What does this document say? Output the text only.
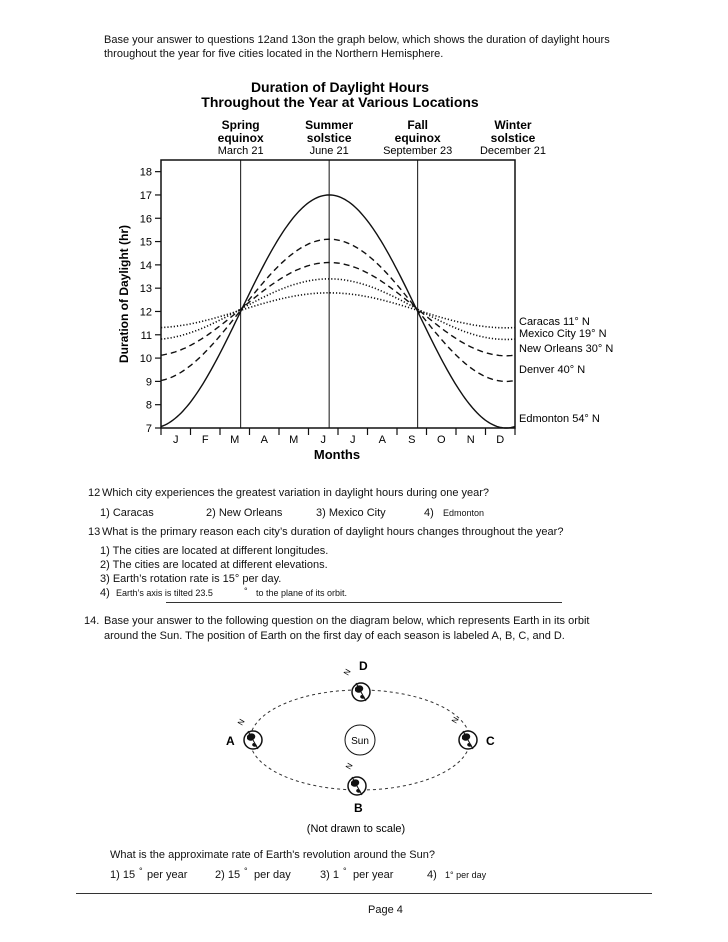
Base your answer to questions 12and 13on the graph below, which shows the duration of daylight hours
throughout the year for five cities located in the Northern Hemisphere.
Duration of Daylight Hours
Throughout the Year at Various Locations
Spring
equinox
March 21
Summer
solstice
June 21
Fall
equinox
September 23
Winter
solstice
December 21
7
8
9
10
11
12
13
14
15
16
17
18
J F M A M J J A S O N D
Caracas 11° N
Mexico City 19° N
New Orleans 30° N
Denver 40° N
Edmonton 54° N
Duration of Daylight (hr)
Months
12 Which city experiences the greatest variation in daylight hours during one year?
1) Caracas	2) New Orleans	3) Mexico City	4) Edmonton
13 What is the primary reason each city’s duration of daylight hours changes throughout the year?
1) The cities are located at different longitudes.
2) The cities are located at different elevations.
3) Earth’s rotation rate is 15° per day.
4) Earth’s axis is tilted 23.5	° to the plane of its orbit.
14. Base your answer to the following question on the diagram below, which represents Earth in its orbit
around the Sun. The position of Earth on the first day of each season is labeled A, B, C, and D.
Sun
N D
N
B
N
A
N
C
(Not drawn to scale)
What is the approximate rate of Earth's revolution around the Sun?
1) 15 ° per year	2) 15 ° per day	3) 1 ° per year	4) 1° per day
Page 4
